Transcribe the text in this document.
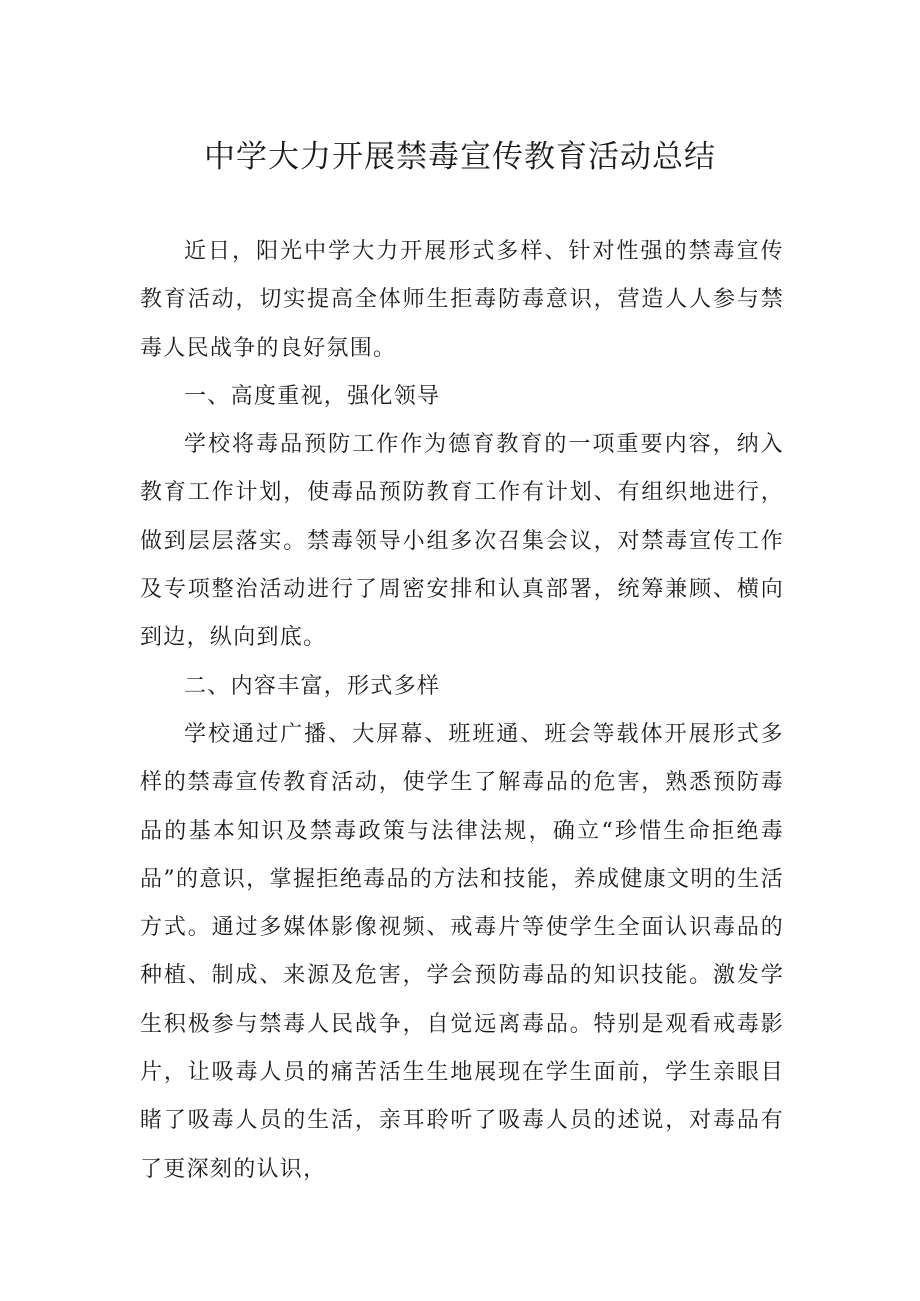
中学大力开展禁毒宣传教育活动总结

近日，阳光中学大力开展形式多样、针对性强的禁毒宣传教育活动，切实提高全体师生拒毒防毒意识，营造人人参与禁毒人民战争的良好氛围。

一、高度重视，强化领导

学校将毒品预防工作作为德育教育的一项重要内容，纳入教育工作计划，使毒品预防教育工作有计划、有组织地进行，做到层层落实。禁毒领导小组多次召集会议，对禁毒宣传工作及专项整治活动进行了周密安排和认真部署，统筹兼顾、横向到边，纵向到底。

二、内容丰富，形式多样

学校通过广播、大屏幕、班班通、班会等载体开展形式多样的禁毒宣传教育活动，使学生了解毒品的危害，熟悉预防毒品的基本知识及禁毒政策与法律法规，确立“珍惜生命拒绝毒品”的意识，掌握拒绝毒品的方法和技能，养成健康文明的生活方式。通过多媒体影像视频、戒毒片等使学生全面认识毒品的种植、制成、来源及危害，学会预防毒品的知识技能。激发学生积极参与禁毒人民战争，自觉远离毒品。特别是观看戒毒影片，让吸毒人员的痛苦活生生地展现在学生面前，学生亲眼目睹了吸毒人员的生活，亲耳聆听了吸毒人员的述说，对毒品有了更深刻的认识，
